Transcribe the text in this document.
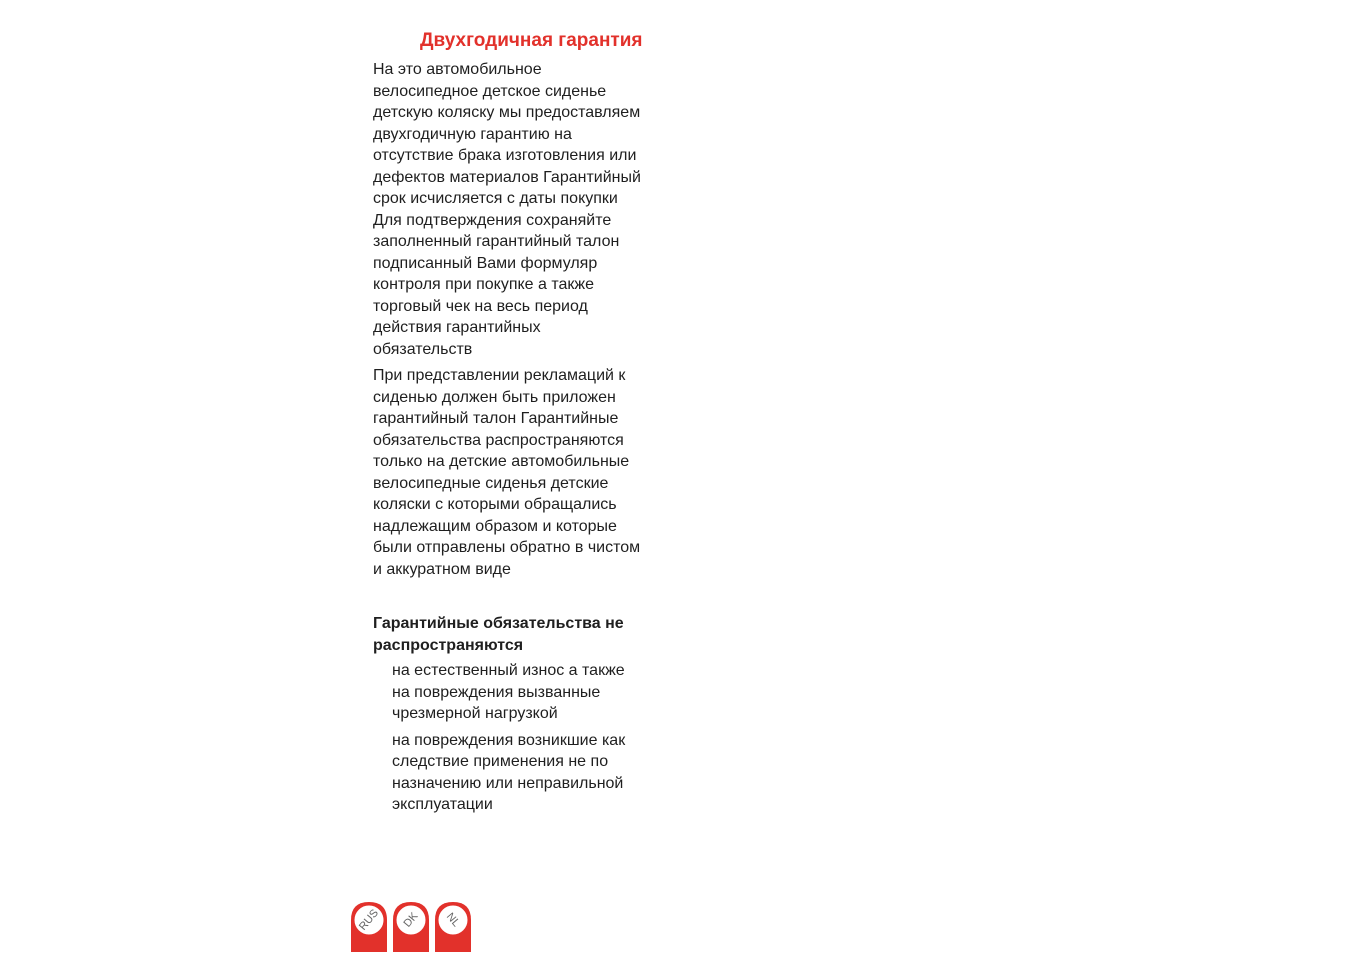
Двухгодичная гарантия
На это автомобильное
велосипедное детское сиденье
детскую коляску мы предоставляем
двухгодичную гарантию на
отсутствие брака изготовления или
дефектов материалов Гарантийный
срок исчисляется с даты покупки
Для подтверждения сохраняйте
заполненный гарантийный талон
подписанный Вами формуляр
контроля при покупке а также
торговый чек на весь период
действия гарантийных
обязательств
При представлении рекламаций к
сиденью должен быть приложен
гарантийный талон Гарантийные
обязательства распространяются
только на детские автомобильные
велосипедные сиденья детские
коляски с которыми обращались
надлежащим образом и которые
были отправлены обратно в чистом
и аккуратном виде
Гарантийные обязательства не
распространяются
на естественный износ а также
на повреждения вызванные
чрезмерной нагрузкой
на повреждения возникшие как
следствие применения не по
назначению или неправильной
эксплуатации
RUS DK NL
